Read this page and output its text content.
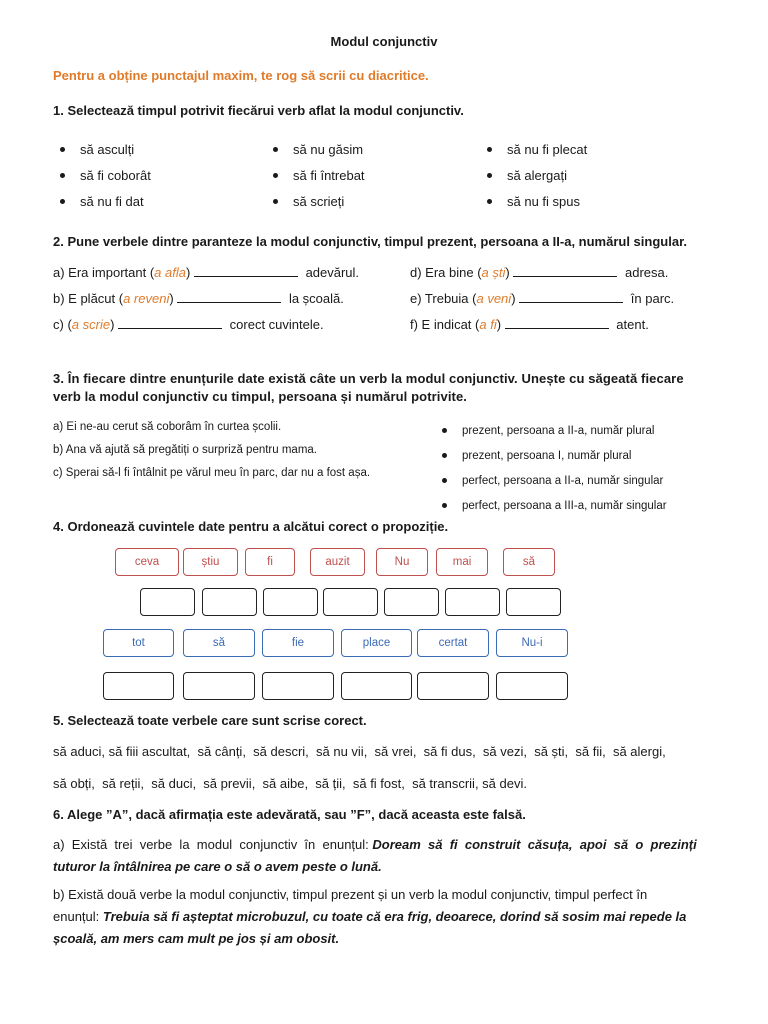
Modul conjunctiv
Pentru a obține punctajul maxim, te rog să scrii cu diacritice.
1. Selectează timpul potrivit fiecărui verb aflat la modul conjunctiv.
să asculți
să fi coborât
să nu fi dat
să nu găsim
să fi întrebat
să scrieți
să nu fi plecat
să alergați
să nu fi spus
2. Pune verbele dintre paranteze la modul conjunctiv, timpul prezent, persoana a II-a, numărul singular.
a) Era important (a afla)	adevărul.	d) Era bine (a ști)	adresa.
b) E plăcut (a reveni)	la școală.	e) Trebuia (a veni)	în parc.
c) (a scrie)	corect cuvintele.	f) E indicat (a fi)	atent.
3. În fiecare dintre enunțurile date există câte un verb la modul conjunctiv. Unește cu săgeată fiecare
verb la modul conjunctiv cu timpul, persoana și numărul potrivite.
a) Ei ne-au cerut să coborâm în curtea școlii.
b) Ana vă ajută să pregătiți o surpriză pentru mama.
c) Sperai să-l fi întâlnit pe vărul meu în parc, dar nu a fost așa.
prezent, persoana a II-a, număr plural
prezent, persoana I, număr plural
perfect, persoana a II-a, număr singular
perfect, persoana a III-a, număr singular
4. Ordonează cuvintele date pentru a alcătui corect o propoziție.
ceva	știu	fi	auzit	Nu	mai	să
tot	să	fie	place	certat	Nu-i
5. Selectează toate verbele care sunt scrise corect.
să aduci, să fiii ascultat,  să cânți,  să descri,  să nu vii,  să vrei,  să fi dus,  să vezi,  să ști,  să fii,  să alergi,
să obți,  să reții,  să duci,  să previi,  să aibe,  să ții,  să fi fost,  să transcrii, să devi.
6. Alege ”A”, dacă afirmația este adevărată, sau ”F”, dacă aceasta este falsă.
a)  Există  trei  verbe  la  modul  conjunctiv  în  enunțul: Doream  să  fi  construit  căsuța,  apoi  să  o  prezinți
tuturor la întâlnirea pe care o să o avem peste o lună.
b) Există două verbe la modul conjunctiv, timpul prezent și un verb la modul conjunctiv, timpul perfect în
enunțul: Trebuia să fi așteptat microbuzul, cu toate că era frig, deoarece, dorind să sosim mai repede la
școală, am mers cam mult pe jos și am obosit.
